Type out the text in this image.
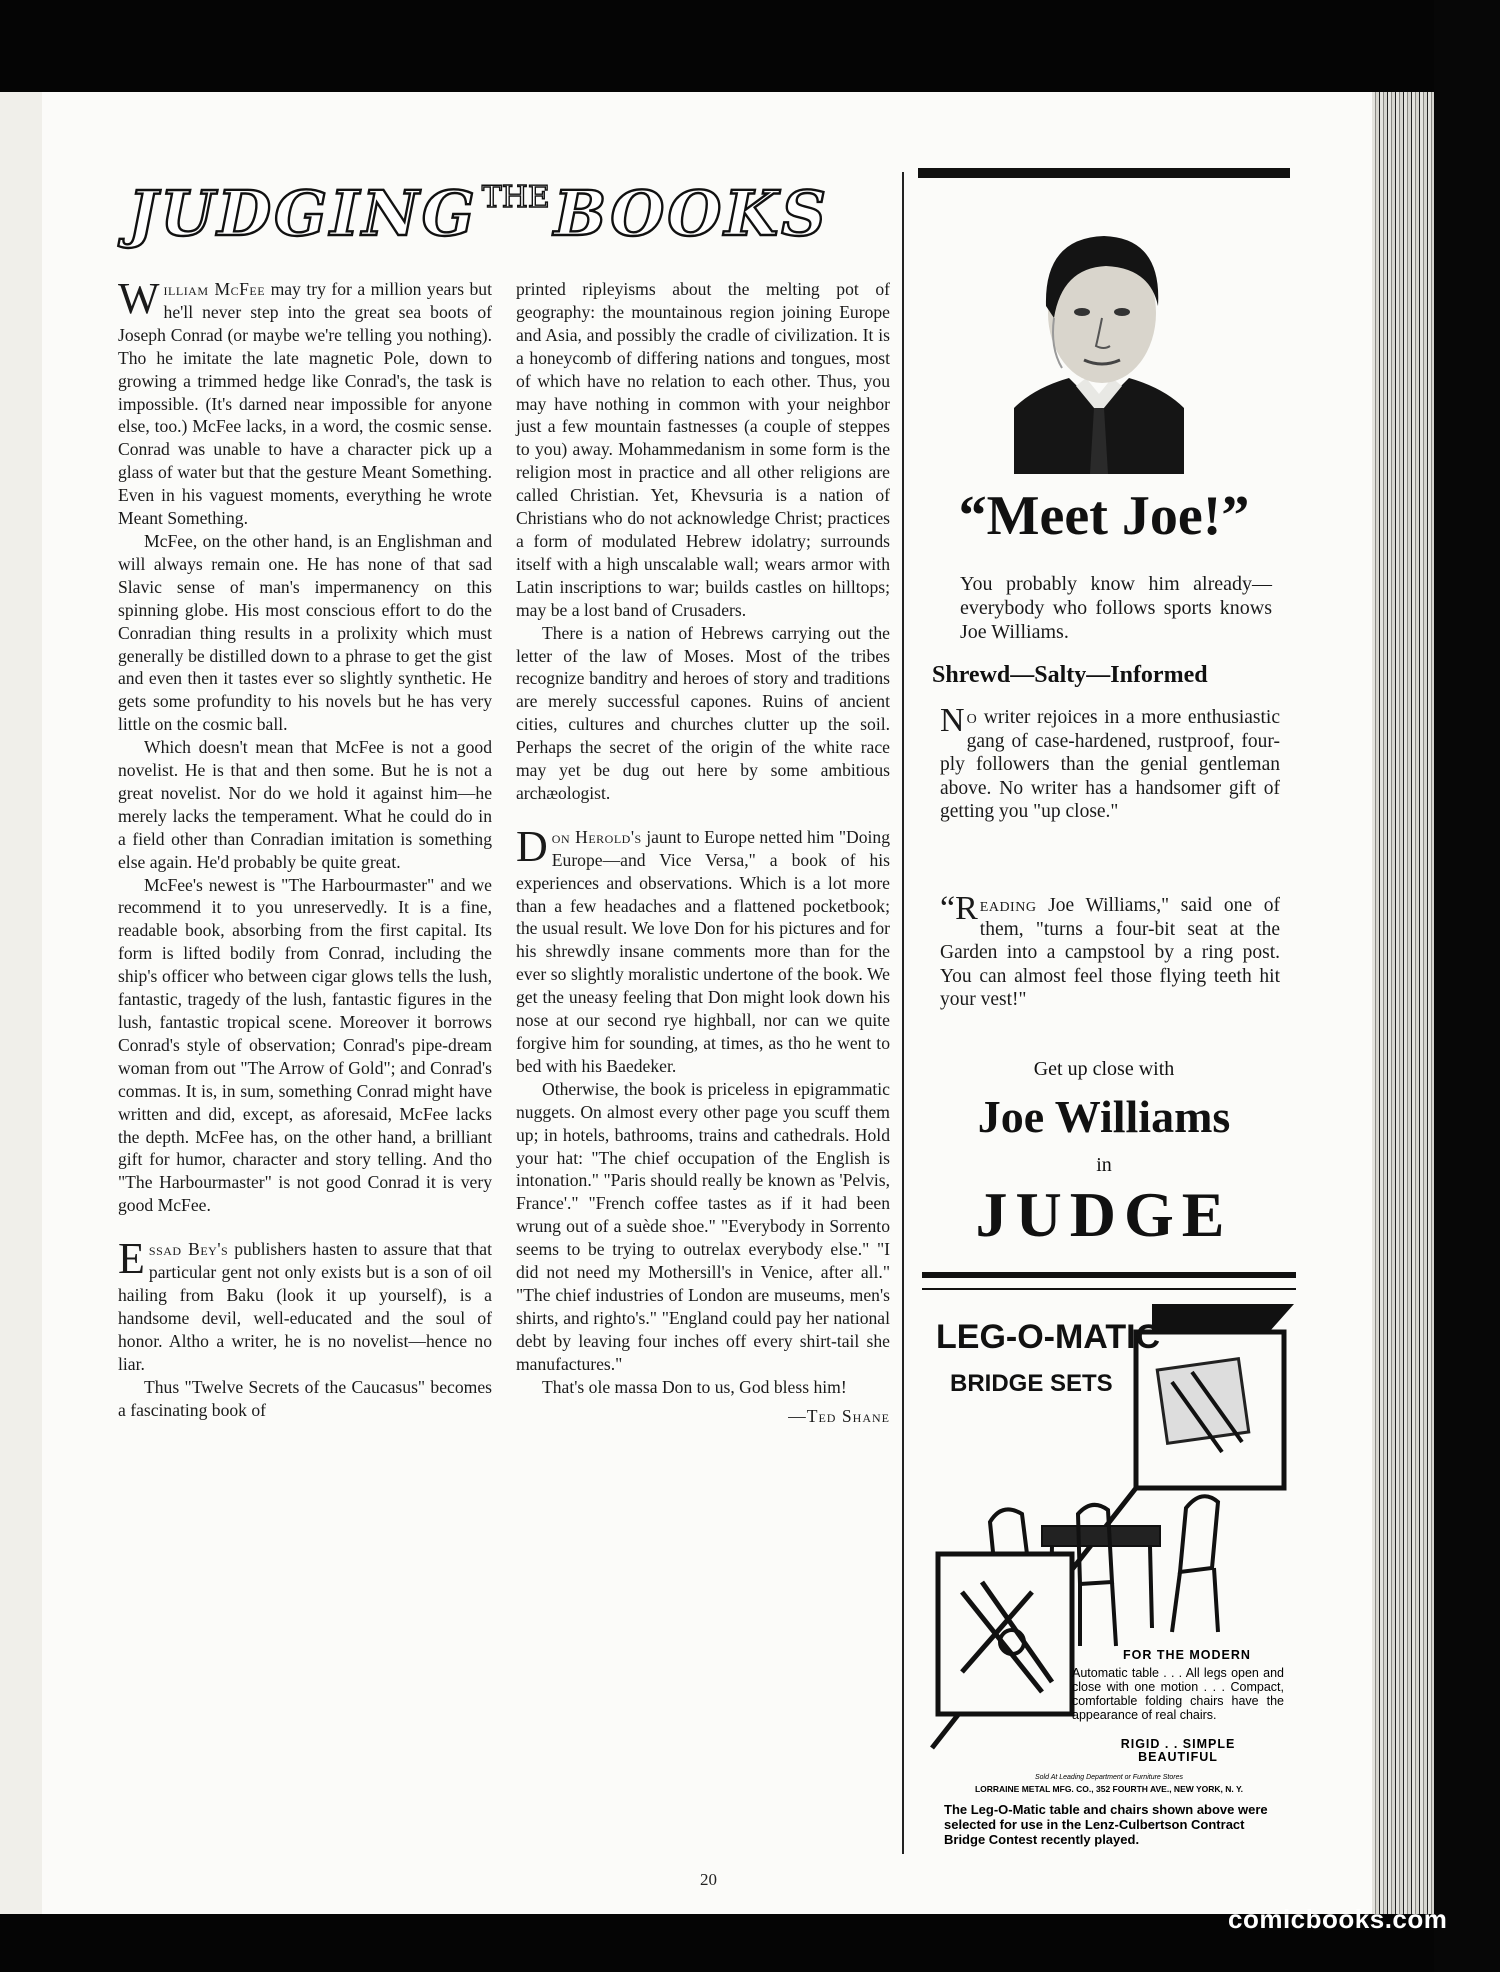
JUDGING THEBOOKS

William McFee may try for a million years but he'll never step into the great sea boots of Joseph Conrad (or maybe we're telling you nothing). Tho he imitate the late magnetic Pole, down to growing a trimmed hedge like Conrad's, the task is impossible. (It's darned near impossible for anyone else, too.) McFee lacks, in a word, the cosmic sense. Conrad was unable to have a character pick up a glass of water but that the gesture Meant Something. Even in his vaguest moments, everything he wrote Meant Something.

McFee, on the other hand, is an Englishman and will always remain one. He has none of that sad Slavic sense of man's impermanency on this spinning globe. His most conscious effort to do the Conradian thing results in a prolixity which must generally be distilled down to a phrase to get the gist and even then it tastes ever so slightly synthetic. He gets some profundity to his novels but he has very little on the cosmic ball.

Which doesn't mean that McFee is not a good novelist. He is that and then some. But he is not a great novelist. Nor do we hold it against him—he merely lacks the temperament. What he could do in a field other than Conradian imitation is something else again. He'd probably be quite great.

McFee's newest is "The Harbourmaster" and we recommend it to you unreservedly. It is a fine, readable book, absorbing from the first capital. Its form is lifted bodily from Conrad, including the ship's officer who between cigar glows tells the lush, fantastic, tragedy of the lush, fantastic figures in the lush, fantastic tropical scene. Moreover it borrows Conrad's style of observation; Conrad's pipe-dream woman from out "The Arrow of Gold"; and Conrad's commas. It is, in sum, something Conrad might have written and did, except, as aforesaid, McFee lacks the depth. McFee has, on the other hand, a brilliant gift for humor, character and story telling. And tho "The Harbourmaster" is not good Conrad it is very good McFee.

Essad Bey's publishers hasten to assure that that particular gent not only exists but is a son of oil hailing from Baku (look it up yourself), is a handsome devil, well-educated and the soul of honor. Altho a writer, he is no novelist—hence no liar.

Thus "Twelve Secrets of the Caucasus" becomes a fascinating book of

printed ripleyisms about the melting pot of geography: the mountainous region joining Europe and Asia, and possibly the cradle of civilization. It is a honeycomb of differing nations and tongues, most of which have no relation to each other. Thus, you may have nothing in common with your neighbor just a few mountain fastnesses (a couple of steppes to you) away. Mohammedanism in some form is the religion most in practice and all other religions are called Christian. Yet, Khevsuria is a nation of Christians who do not acknowledge Christ; practices a form of modulated Hebrew idolatry; surrounds itself with a high unscalable wall; wears armor with Latin inscriptions to war; builds castles on hilltops; may be a lost band of Crusaders.

There is a nation of Hebrews carrying out the letter of the law of Moses. Most of the tribes recognize banditry and heroes of story and traditions are merely successful capones. Ruins of ancient cities, cultures and churches clutter up the soil. Perhaps the secret of the origin of the white race may yet be dug out here by some ambitious archæologist.

Don Herold's jaunt to Europe netted him "Doing Europe—and Vice Versa," a book of his experiences and observations. Which is a lot more than a few headaches and a flattened pocketbook; the usual result. We love Don for his pictures and for his shrewdly insane comments more than for the ever so slightly moralistic undertone of the book. We get the uneasy feeling that Don might look down his nose at our second rye highball, nor can we quite forgive him for sounding, at times, as tho he went to bed with his Baedeker.

Otherwise, the book is priceless in epigrammatic nuggets. On almost every other page you scuff them up; in hotels, bathrooms, trains and cathedrals. Hold your hat: "The chief occupation of the English is intonation." "Paris should really be known as 'Pelvis, France'." "French coffee tastes as if it had been wrung out of a suède shoe." "Everybody in Sorrento seems to be trying to outrelax everybody else." "I did not need my Mothersill's in Venice, after all." "The chief industries of London are museums, men's shirts, and righto's." "England could pay her national debt by leaving four inches off every shirt-tail she manufactures."

That's ole massa Don to us, God bless him!

—Ted Shane
20
“Meet Joe!”
You probably know him already—everybody who follows sports knows Joe Williams.
Shrewd—Salty—Informed
No writer rejoices in a more enthusiastic gang of case-hardened, rustproof, four-ply followers than the genial gentleman above. No writer has a handsomer gift of getting you "up close."
“Reading Joe Williams," said one of them, "turns a four-bit seat at the Garden into a campstool by a ring post. You can almost feel those flying teeth hit your vest!"
Get up close with
Joe Williams
in
JUDGE
LEG-O-MATIC
BRIDGE SETS
FOR THE MODERN
Automatic table . . . All legs open and close with one motion . . . Compact, comfortable folding chairs have the appearance of real chairs.
RIGID . . SIMPLE
BEAUTIFUL
Sold At Leading Department or Furniture Stores
LORRAINE METAL MFG. CO., 352 FOURTH AVE., NEW YORK, N. Y.
The Leg-O-Matic table and chairs shown above were selected for use in the Lenz-Culbertson Contract Bridge Contest recently played.
comicbooks.com
